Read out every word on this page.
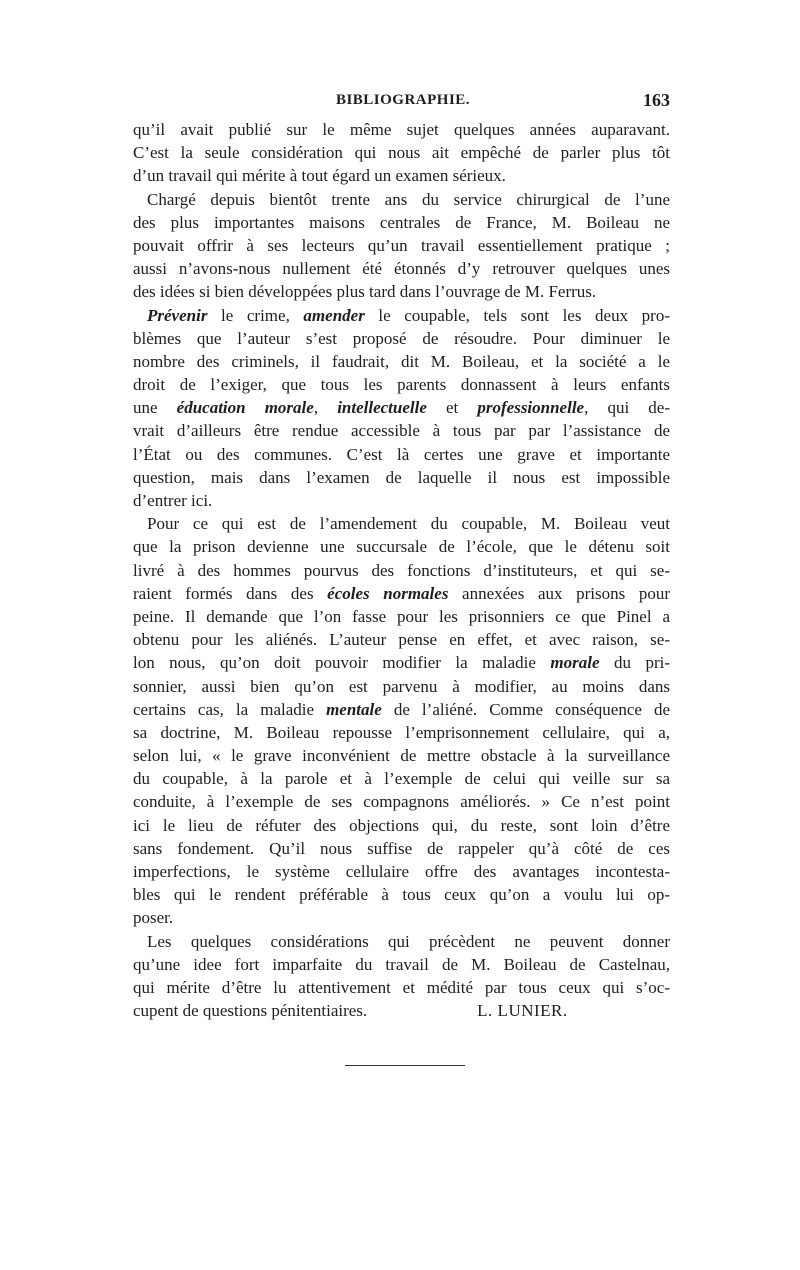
BIBLIOGRAPHIE.	163
qu’il avait publié sur le même sujet quelques années auparavant.
C’est la seule considération qui nous ait empêché de parler plus tôt
d’un travail qui mérite à tout égard un examen sérieux.
Chargé depuis bientôt trente ans du service chirurgical de l’une
des plus importantes maisons centrales de France, M. Boileau ne
pouvait offrir à ses lecteurs qu’un travail essentiellement pratique ;
aussi n’avons-nous nullement été étonnés d’y retrouver quelques unes
des idées si bien développées plus tard dans l’ouvrage de M. Ferrus.
Prévenir le crime, amender le coupable, tels sont les deux pro-
blèmes que l’auteur s’est proposé de résoudre. Pour diminuer le
nombre des criminels, il faudrait, dit M. Boileau, et la société a le
droit de l’exiger, que tous les parents donnassent à leurs enfants
une éducation morale, intellectuelle et professionnelle, qui de-
vrait d’ailleurs être rendue accessible à tous par par l’assistance de
l’État ou des communes. C’est là certes une grave et importante
question, mais dans l’examen de laquelle il nous est impossible
d’entrer ici.
Pour ce qui est de l’amendement du coupable, M. Boileau veut
que la prison devienne une succursale de l’école, que le détenu soit
livré à des hommes pourvus des fonctions d’instituteurs, et qui se-
raient formés dans des écoles normales annexées aux prisons pour
peine. Il demande que l’on fasse pour les prisonniers ce que Pinel a
obtenu pour les aliénés. L’auteur pense en effet, et avec raison, se-
lon nous, qu’on doit pouvoir modifier la maladie morale du pri-
sonnier, aussi bien qu’on est parvenu à modifier, au moins dans
certains cas, la maladie mentale de l’aliéné. Comme conséquence de
sa doctrine, M. Boileau repousse l’emprisonnement cellulaire, qui a,
selon lui, « le grave inconvénient de mettre obstacle à la surveillance
du coupable, à la parole et à l’exemple de celui qui veille sur sa
conduite, à l’exemple de ses compagnons améliorés. » Ce n’est point
ici le lieu de réfuter des objections qui, du reste, sont loin d’être
sans fondement. Qu’il nous suffise de rappeler qu’à côté de ces
imperfections, le système cellulaire offre des avantages incontesta-
bles qui le rendent préférable à tous ceux qu’on a voulu lui op-
poser.
Les quelques considérations qui précèdent ne peuvent donner
qu’une idee fort imparfaite du travail de M. Boileau de Castelnau,
qui mérite d’être lu attentivement et médité par tous ceux qui s’oc-
cupent de questions pénitentiaires.	L. LUNIER.
